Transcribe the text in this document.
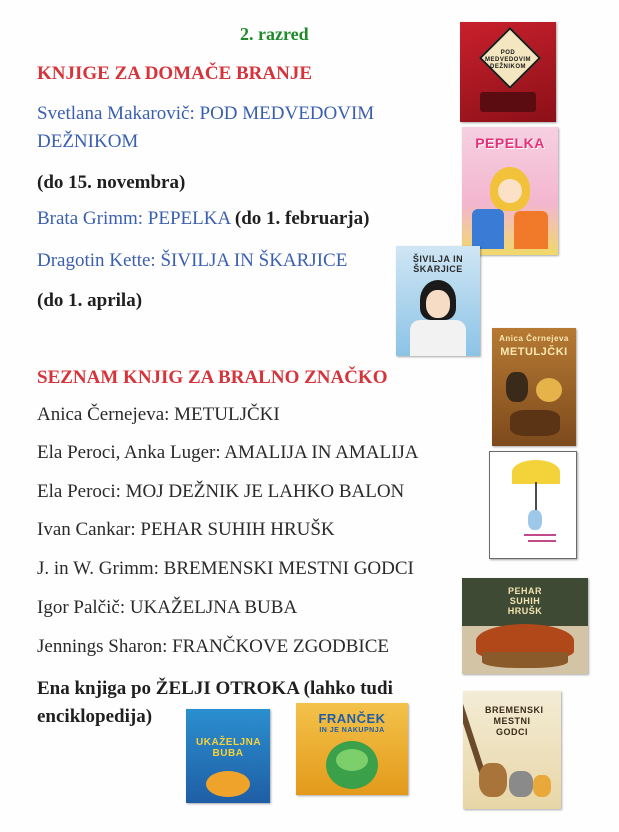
2. razred
KNJIGE ZA DOMAČE BRANJE
Svetlana Makarovič: POD MEDVEDOVIM
DEŽNIKOM
(do 15. novembra)
Brata Grimm: PEPELKA (do 1. februarja)
Dragotin Kette: ŠIVILJA IN ŠKARJICE
(do 1. aprila)
SEZNAM KNJIG ZA BRALNO ZNAČKO
Anica Černejeva: METULJČKI
Ela Peroci, Anka Luger: AMALIJA IN AMALIJA
Ela Peroci: MOJ DEŽNIK JE LAHKO BALON
Ivan Cankar: PEHAR SUHIH HRUŠK
J. in W. Grimm: BREMENSKI MESTNI GODCI
Igor Palčič: UKAŽELJNA BUBA
Jennings Sharon: FRANČKOVE ZGODBICE
Ena knjiga po ŽELJI OTROKA (lahko tudi
enciklopedija)
POD MEDVEDOVIM DEŽNIKOM
PEPELKA
ŠIVILJA IN ŠKARJICE
Anica Černejeva
METULJČKI
PEHAR SUHIH HRUŠK
UKAŽELJNA BUBA
FRANČEK
IN JE NAKUPNJA
BREMENSKI MESTNI GODCI
